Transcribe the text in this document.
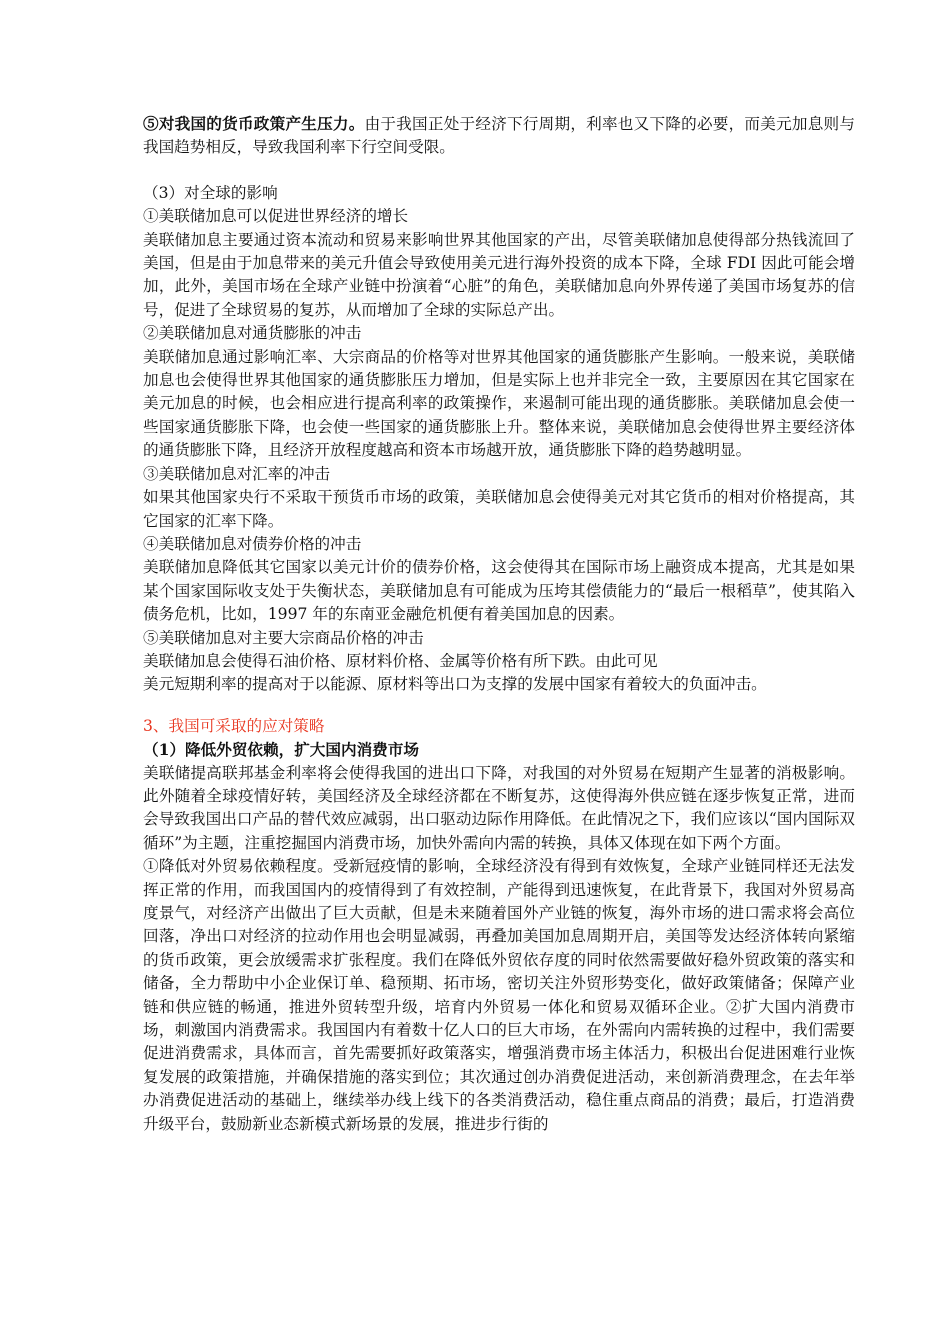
⑤对我国的货币政策产生压力。由于我国正处于经济下行周期，利率也又下降的必要，而美元加息则与我国趋势相反，导致我国利率下行空间受限。

（3）对全球的影响

①美联储加息可以促进世界经济的增长

美联储加息主要通过资本流动和贸易来影响世界其他国家的产出，尽管美联储加息使得部分热钱流回了美国，但是由于加息带来的美元升值会导致使用美元进行海外投资的成本下降，全球 FDI 因此可能会增加，此外，美国市场在全球产业链中扮演着“心脏”的角色，美联储加息向外界传递了美国市场复苏的信号，促进了全球贸易的复苏，从而增加了全球的实际总产出。

②美联储加息对通货膨胀的冲击

美联储加息通过影响汇率、大宗商品的价格等对世界其他国家的通货膨胀产生影响。一般来说，美联储加息也会使得世界其他国家的通货膨胀压力增加，但是实际上也并非完全一致，主要原因在其它国家在美元加息的时候，也会相应进行提高利率的政策操作，来遏制可能出现的通货膨胀。美联储加息会使一些国家通货膨胀下降，也会使一些国家的通货膨胀上升。整体来说，美联储加息会使得世界主要经济体的通货膨胀下降，且经济开放程度越高和资本市场越开放，通货膨胀下降的趋势越明显。

③美联储加息对汇率的冲击

如果其他国家央行不采取干预货币市场的政策，美联储加息会使得美元对其它货币的相对价格提高，其它国家的汇率下降。

④美联储加息对债券价格的冲击

美联储加息降低其它国家以美元计价的债券价格，这会使得其在国际市场上融资成本提高，尤其是如果某个国家国际收支处于失衡状态，美联储加息有可能成为压垮其偿债能力的“最后一根稻草”，使其陷入债务危机，比如，1997 年的东南亚金融危机便有着美国加息的因素。

⑤美联储加息对主要大宗商品价格的冲击

美联储加息会使得石油价格、原材料价格、金属等价格有所下跌。由此可见

美元短期利率的提高对于以能源、原材料等出口为支撑的发展中国家有着较大的负面冲击。

3、我国可采取的应对策略

（1）降低外贸依赖，扩大国内消费市场

美联储提高联邦基金利率将会使得我国的进出口下降，对我国的对外贸易在短期产生显著的消极影响。此外随着全球疫情好转，美国经济及全球经济都在不断复苏，这使得海外供应链在逐步恢复正常，进而会导致我国出口产品的替代效应减弱，出口驱动边际作用降低。在此情况之下，我们应该以“国内国际双循环”为主题，注重挖掘国内消费市场，加快外需向内需的转换，具体又体现在如下两个方面。

①降低对外贸易依赖程度。受新冠疫情的影响，全球经济没有得到有效恢复，全球产业链同样还无法发挥正常的作用，而我国国内的疫情得到了有效控制，产能得到迅速恢复，在此背景下，我国对外贸易高度景气，对经济产出做出了巨大贡献，但是未来随着国外产业链的恢复，海外市场的进口需求将会高位回落，净出口对经济的拉动作用也会明显减弱，再叠加美国加息周期开启，美国等发达经济体转向紧缩的货币政策，更会放缓需求扩张程度。我们在降低外贸依存度的同时依然需要做好稳外贸政策的落实和储备，全力帮助中小企业保订单、稳预期、拓市场，密切关注外贸形势变化，做好政策储备；保障产业链和供应链的畅通，推进外贸转型升级，培育内外贸易一体化和贸易双循环企业。②扩大国内消费市场，刺激国内消费需求。我国国内有着数十亿人口的巨大市场，在外需向内需转换的过程中，我们需要促进消费需求，具体而言，首先需要抓好政策落实，增强消费市场主体活力，积极出台促进困难行业恢复发展的政策措施，并确保措施的落实到位；其次通过创办消费促进活动，来创新消费理念，在去年举办消费促进活动的基础上，继续举办线上线下的各类消费活动，稳住重点商品的消费；最后，打造消费升级平台，鼓励新业态新模式新场景的发展，推进步行街的
